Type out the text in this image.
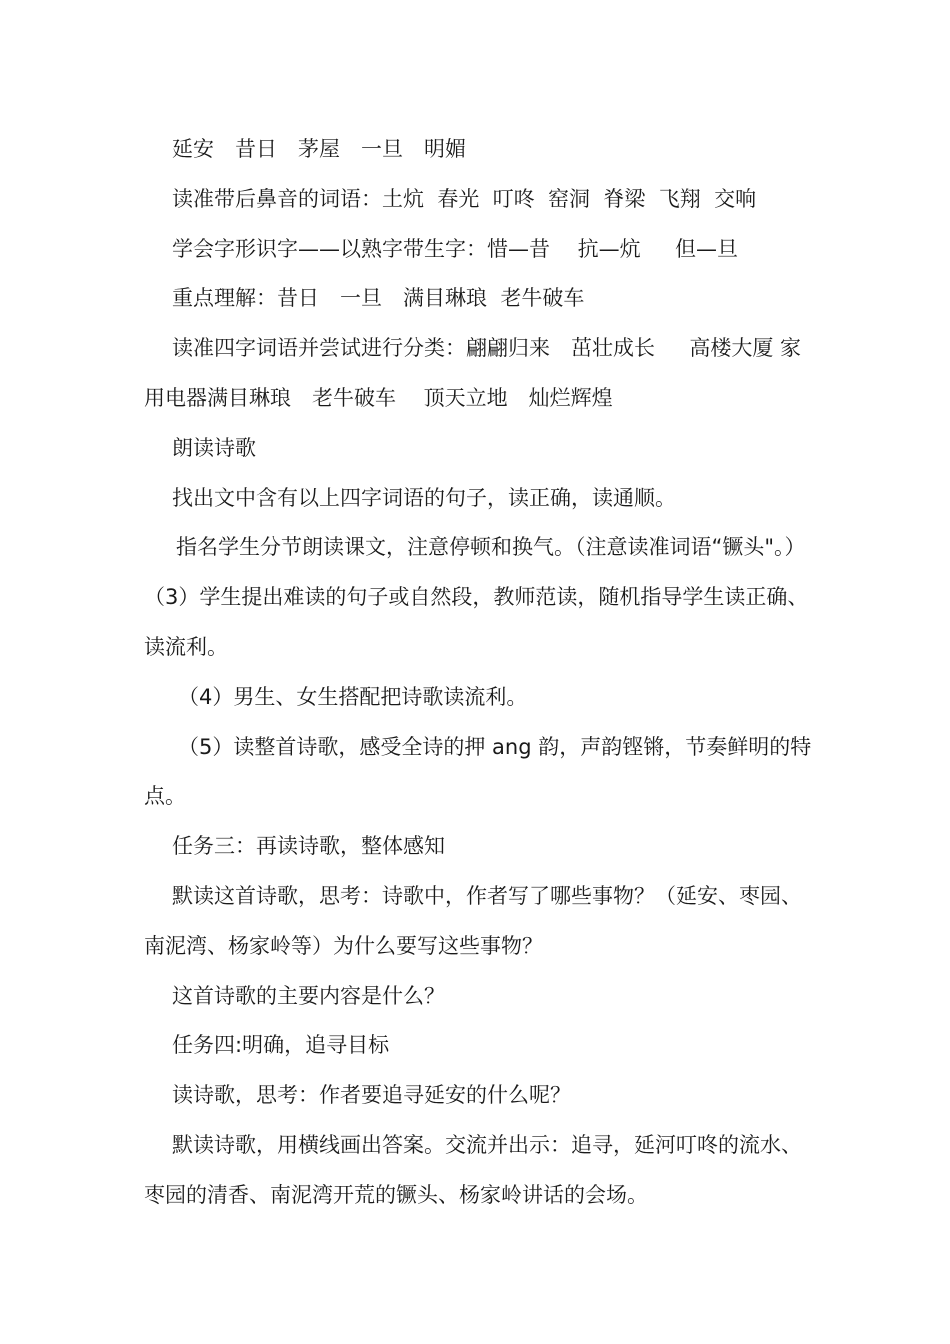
延安　昔日　茅屋　一旦　明媚

读准带后鼻音的词语：土炕  春光  叮咚  窑洞  脊梁  飞翔  交响

学会字形识字——以熟字带生字：惜—昔　 抗—炕 　 但—旦

重点理解：昔日　一旦　满目琳琅  老牛破车

读准四字词语并尝试进行分类：翩翩归来　茁壮成长 　 高楼大厦 家用电器满目琳琅　老牛破车 　顶天立地　灿烂辉煌

朗读诗歌

找出文中含有以上四字词语的句子，读正确，读通顺。

指名学生分节朗读课文，注意停顿和换气。（注意读准词语“镢头"。）（3）学生提出难读的句子或自然段，教师范读，随机指导学生读正确、读流利。

（4）男生、女生搭配把诗歌读流利。

（5）读整首诗歌，感受全诗的押 ang 韵，声韵铿锵，节奏鲜明的特点。

任务三：再读诗歌，整体感知

默读这首诗歌，思考：诗歌中，作者写了哪些事物？（延安、枣园、南泥湾、杨家岭等）为什么要写这些事物？

这首诗歌的主要内容是什么？

任务四:明确，追寻目标

读诗歌，思考：作者要追寻延安的什么呢？

默读诗歌，用横线画出答案。交流并出示：追寻，延河叮咚的流水、枣园的清香、南泥湾开荒的镢头、杨家岭讲话的会场。
